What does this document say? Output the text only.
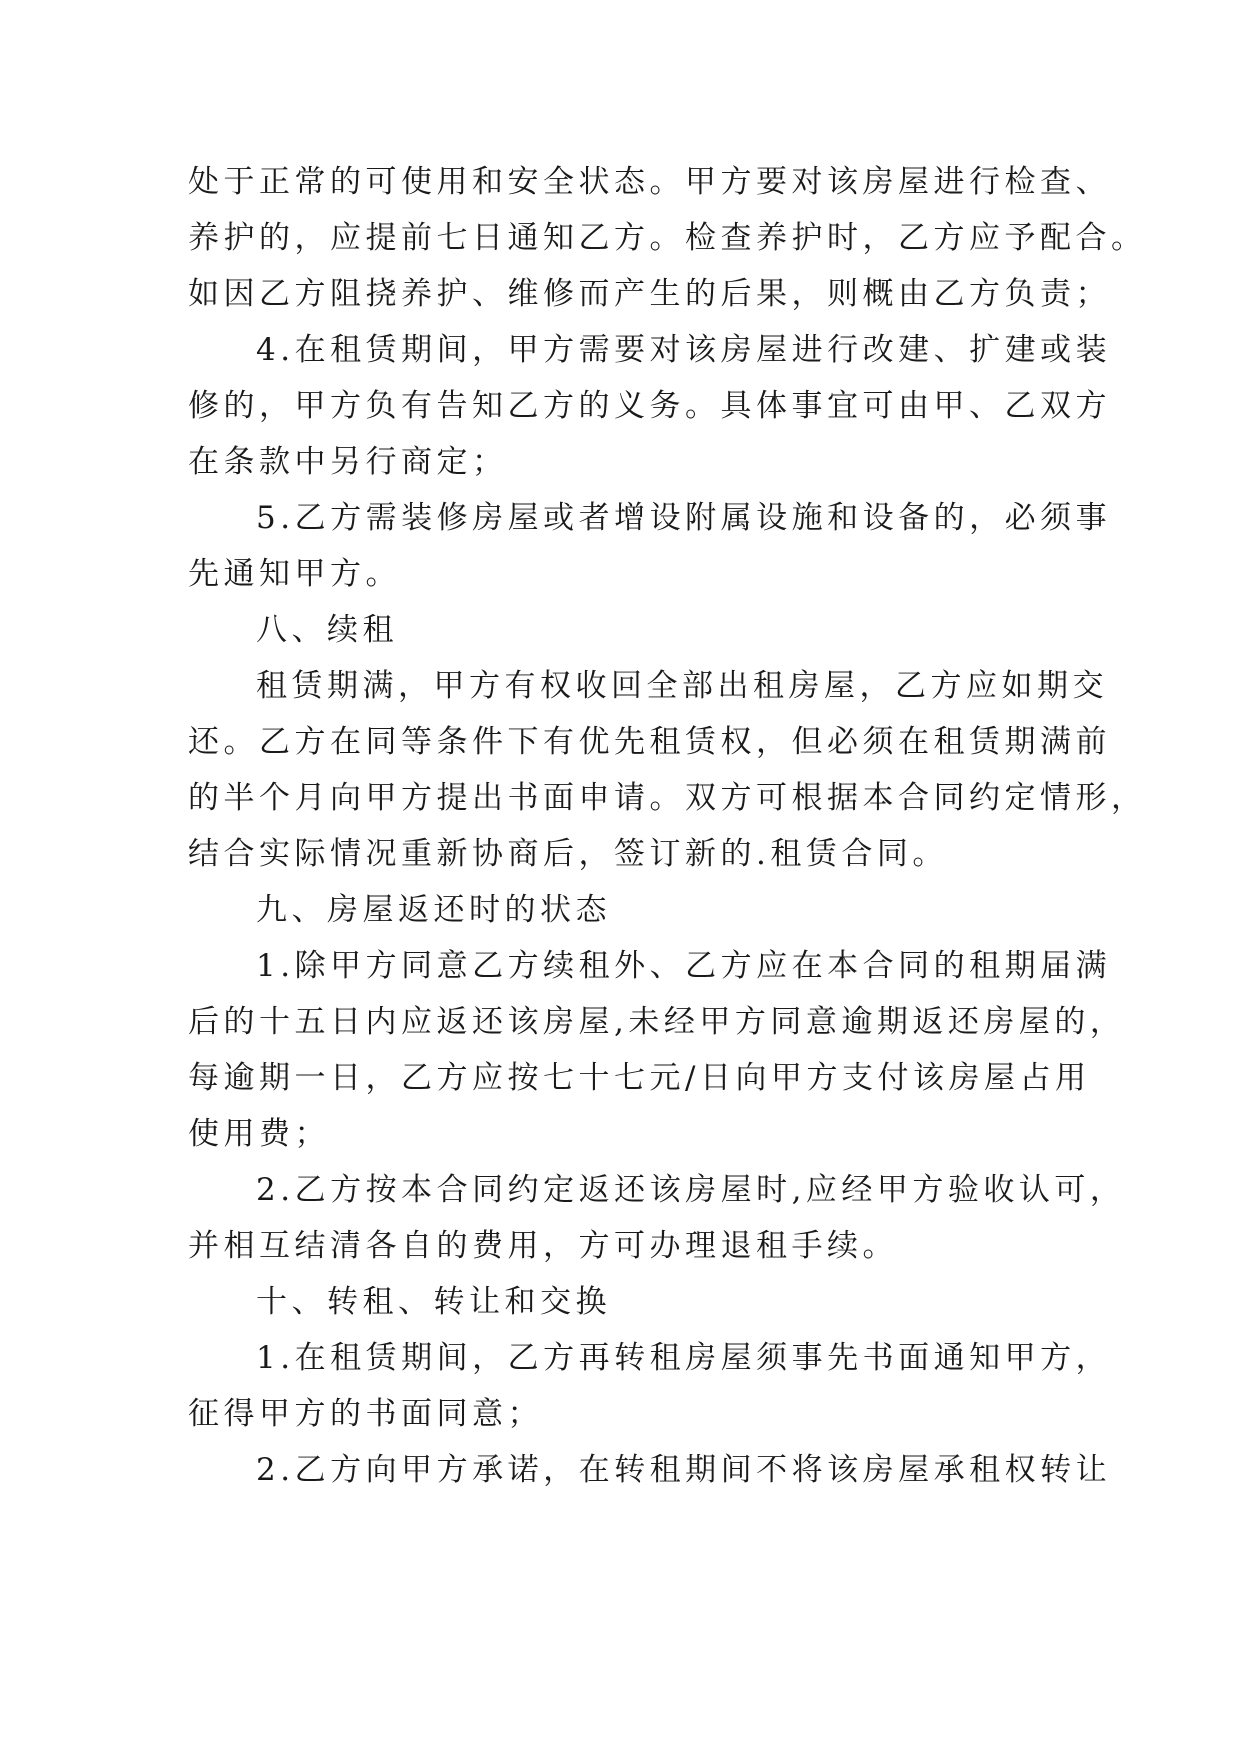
处于正常的可使用和安全状态。甲方要对该房屋进行检查、
养护的，应提前七日通知乙方。检查养护时，乙方应予配合。
如因乙方阻挠养护、维修而产生的后果，则概由乙方负责；
4.在租赁期间，甲方需要对该房屋进行改建、扩建或装
修的，甲方负有告知乙方的义务。具体事宜可由甲、乙双方
在条款中另行商定；
5.乙方需装修房屋或者增设附属设施和设备的，必须事
先通知甲方。
八、续租
租赁期满，甲方有权收回全部出租房屋，乙方应如期交
还。乙方在同等条件下有优先租赁权，但必须在租赁期满前
的半个月向甲方提出书面申请。双方可根据本合同约定情形，
结合实际情况重新协商后，签订新的.租赁合同。
九、房屋返还时的状态
1.除甲方同意乙方续租外、乙方应在本合同的租期届满
后的十五日内应返还该房屋,未经甲方同意逾期返还房屋的，
每逾期一日，乙方应按七十七元/日向甲方支付该房屋占用
使用费；
2.乙方按本合同约定返还该房屋时,应经甲方验收认可，
并相互结清各自的费用，方可办理退租手续。
十、转租、转让和交换
1.在租赁期间，乙方再转租房屋须事先书面通知甲方，
征得甲方的书面同意；
2.乙方向甲方承诺，在转租期间不将该房屋承租权转让
